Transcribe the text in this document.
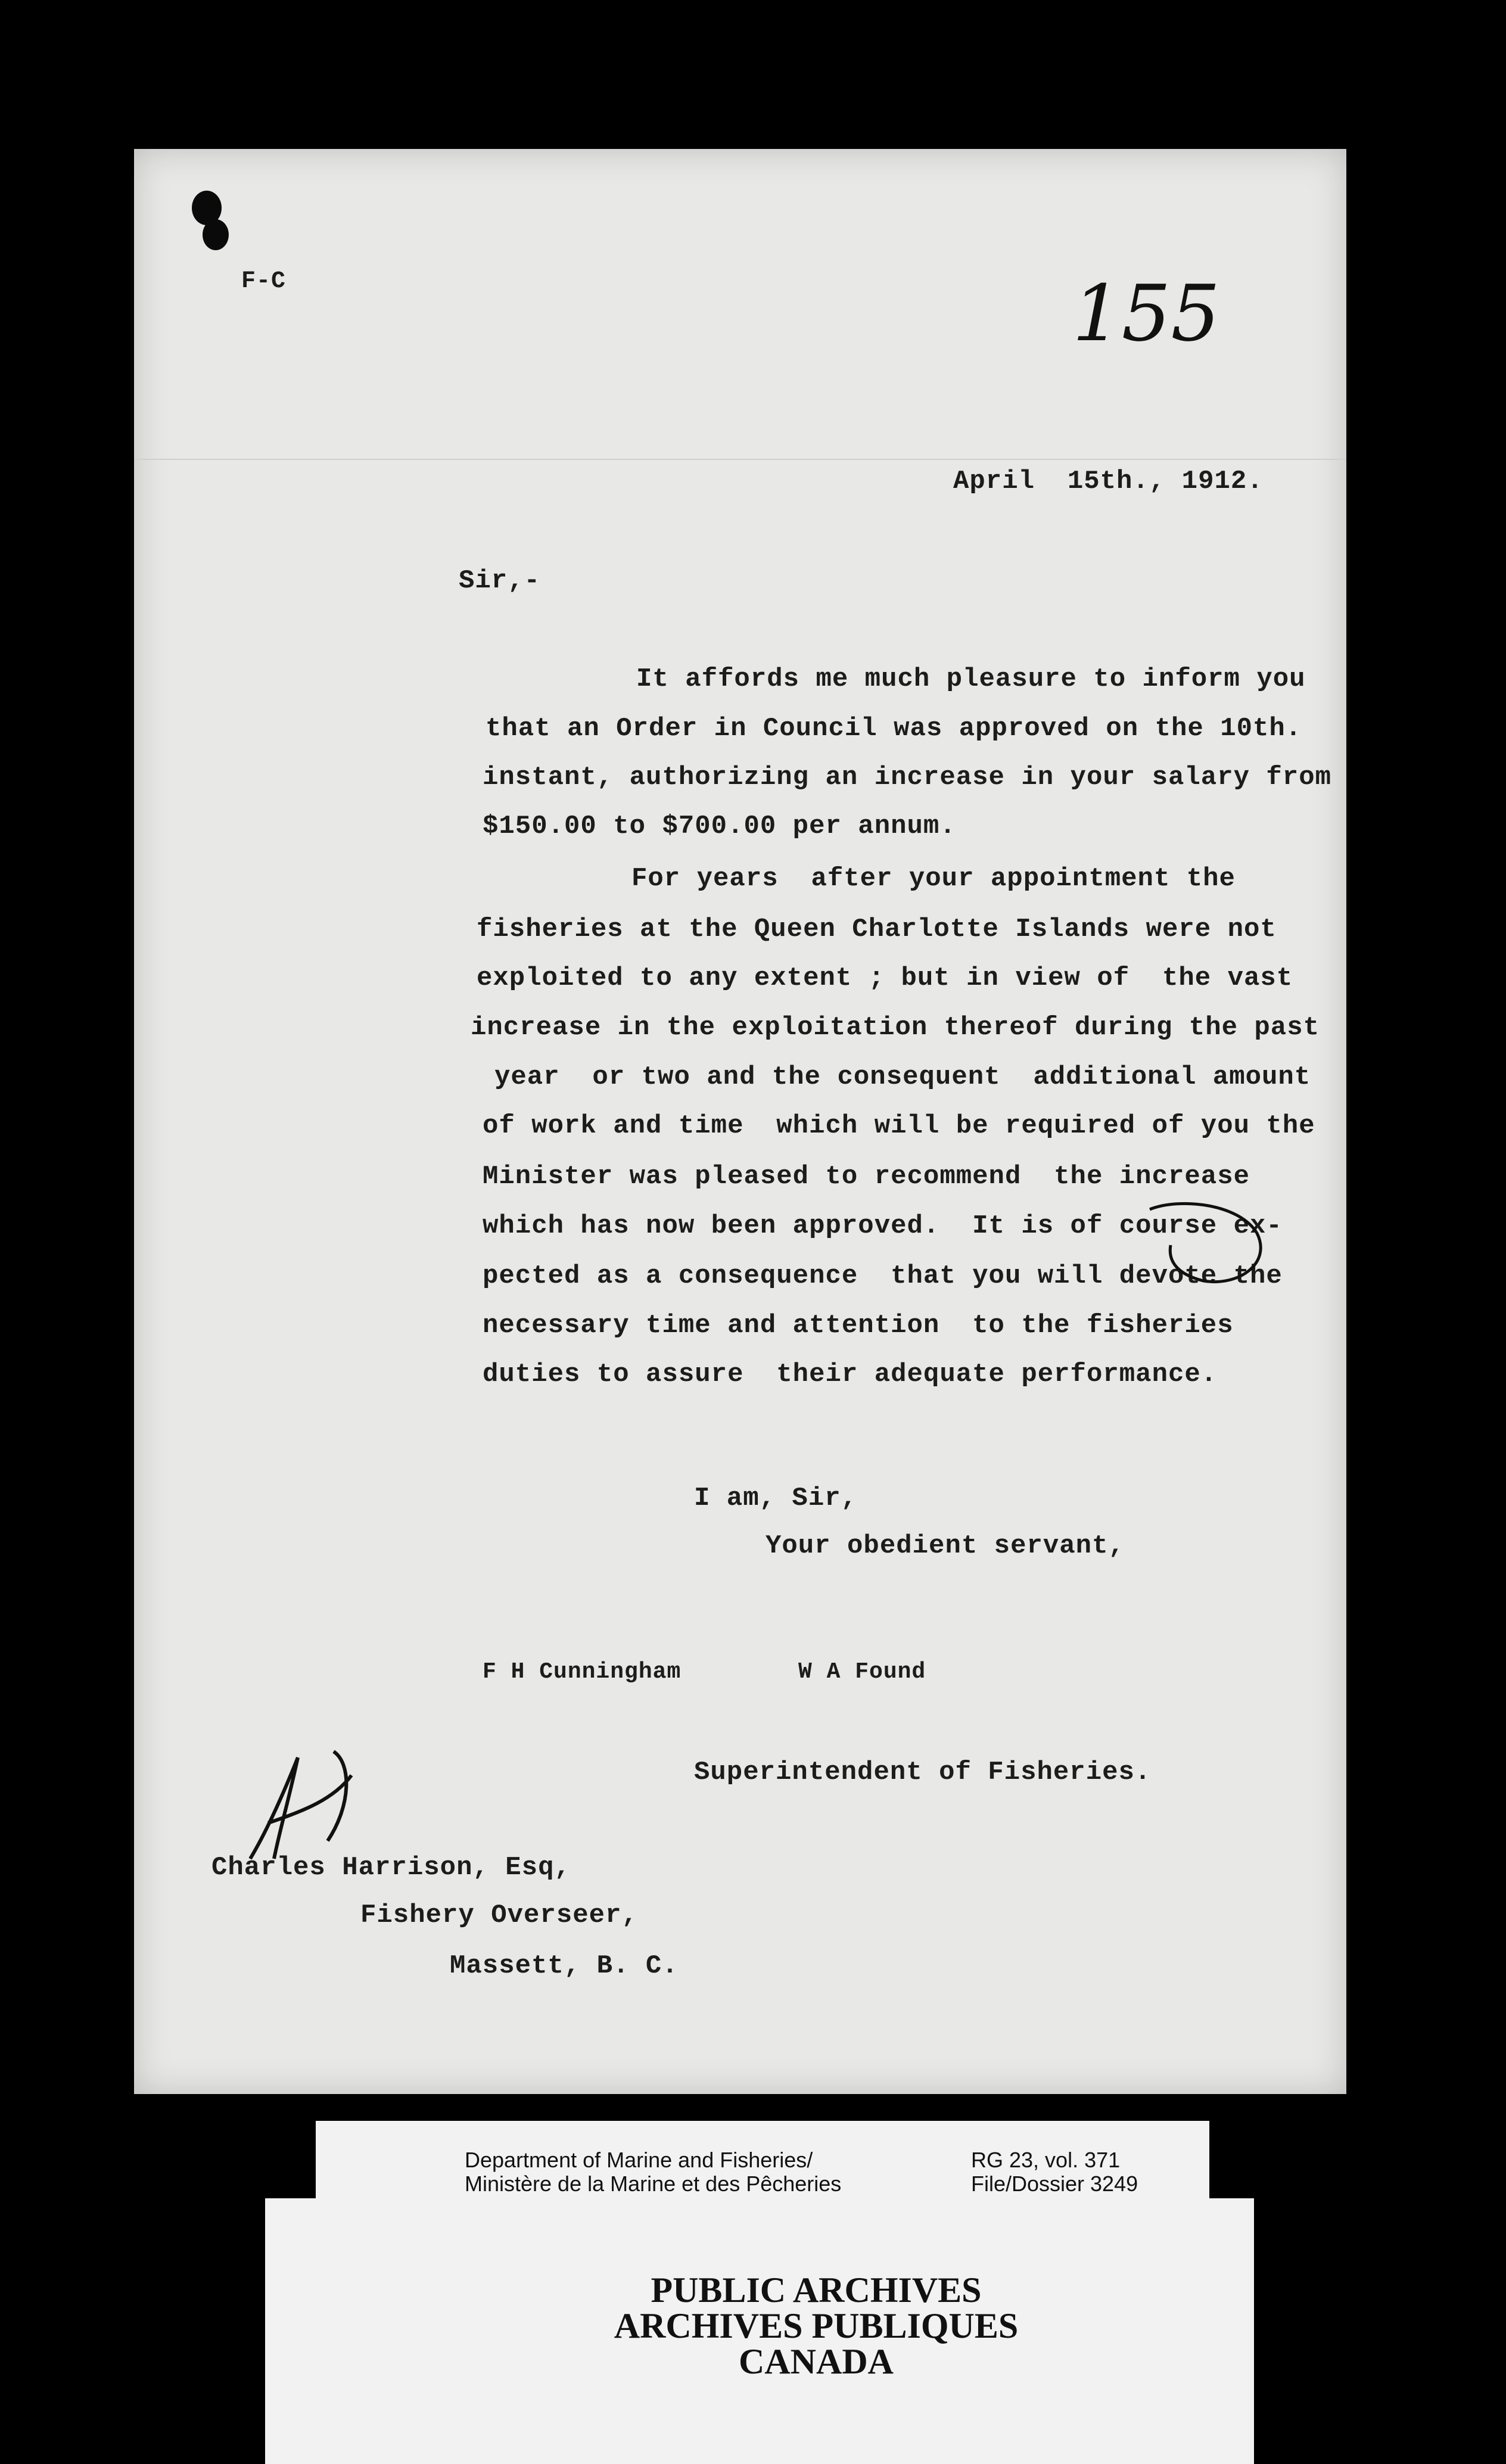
F-C	155
April  15th., 1912.
Sir,-
It affords me much pleasure to inform you
that an Order in Council was approved on the 10th.
instant, authorizing an increase in your salary from
$150.00 to $700.00 per annum.
For years  after your appointment the
fisheries at the Queen Charlotte Islands were not
exploited to any extent ; but in view of  the vast
increase in the exploitation thereof during the past
year  or two and the consequent  additional amount
of work and time  which will be required of you the
Minister was pleased to recommend  the increase
which has now been approved.  It is of course ex-
pected as a consequence  that you will devote the
necessary time and attention  to the fisheries
duties to assure  their adequate performance.
I am, Sir,
Your obedient servant,
F H Cunningham	W A Found
Superintendent of Fisheries.
Charles Harrison, Esq,
Fishery Overseer,
Massett, B. C.
Department of Marine and Fisheries/
Ministère de la Marine et des Pêcheries
RG 23, vol. 371
File/Dossier 3249
PUBLIC ARCHIVES
ARCHIVES PUBLIQUES
CANADA
